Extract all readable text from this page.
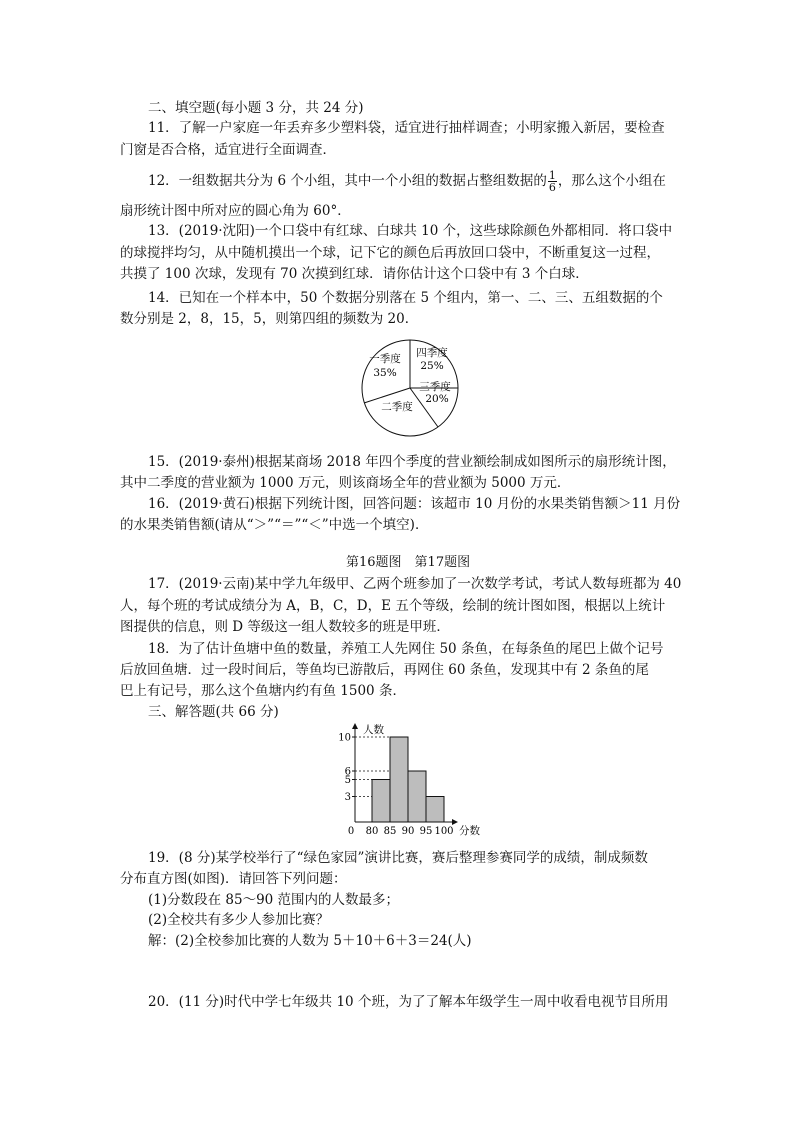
二、填空题(每小题 3 分，共 24 分)
11．了解一户家庭一年丢弃多少塑料袋，适宜进行抽样调查；小明家搬入新居，要检查
门窗是否合格，适宜进行全面调查．
12．一组数据共分为 6 个小组，其中一个小组的数据占整组数据的 $\frac{1}{6}$ ，那么这个小组在
扇形统计图中所对应的圆心角为 60°．
13．(2019·沈阳)一个口袋中有红球、白球共 10 个，这些球除颜色外都相同．将口袋中
的球搅拌均匀，从中随机摸出一个球，记下它的颜色后再放回口袋中，不断重复这一过程，
共摸了 100 次球，发现有 70 次摸到红球．请你估计这个口袋中有 3 个白球．
14．已知在一个样本中，50 个数据分别落在 5 个组内，第一、二、三、五组数据的个
数分别是 2，8，15，5，则第四组的频数为 20．
一季度
35%
四季度
25%
三季度
20%
二季度
15．(2019·泰州)根据某商场 2018 年四个季度的营业额绘制成如图所示的扇形统计图，
其中二季度的营业额为 1000 万元，则该商场全年的营业额为 5000 万元．
16．(2019·黄石)根据下列统计图，回答问题：该超市 10 月份的水果类销售额＞11 月份
的水果类销售额(请从“＞”“＝”“＜”中选一个填空)．
第16题图　第17题图
17．(2019·云南)某中学九年级甲、乙两个班参加了一次数学考试，考试人数每班都为 40
人，每个班的考试成绩分为 A，B，C，D，E 五个等级，绘制的统计图如图，根据以上统计
图提供的信息，则 D 等级这一组人数较多的班是甲班．
18．为了估计鱼塘中鱼的数量，养殖工人先网住 50 条鱼，在每条鱼的尾巴上做个记号
后放回鱼塘．过一段时间后，等鱼均已游散后，再网住 60 条鱼，发现其中有 2 条鱼的尾
巴上有记号，那么这个鱼塘内约有鱼 1500 条．
三、解答题(共 66 分)
人数
分数
3
5
6
10
0 80 85 90 95 100
19．(8 分)某学校举行了“绿色家园”演讲比赛，赛后整理参赛同学的成绩，制成频数
分布直方图(如图)．请回答下列问题：
(1)分数段在 85～90 范围内的人数最多；
(2)全校共有多少人参加比赛？
解：(2)全校参加比赛的人数为 5＋10＋6＋3＝24(人)
20．(11 分)时代中学七年级共 10 个班，为了了解本年级学生一周中收看电视节目所用
